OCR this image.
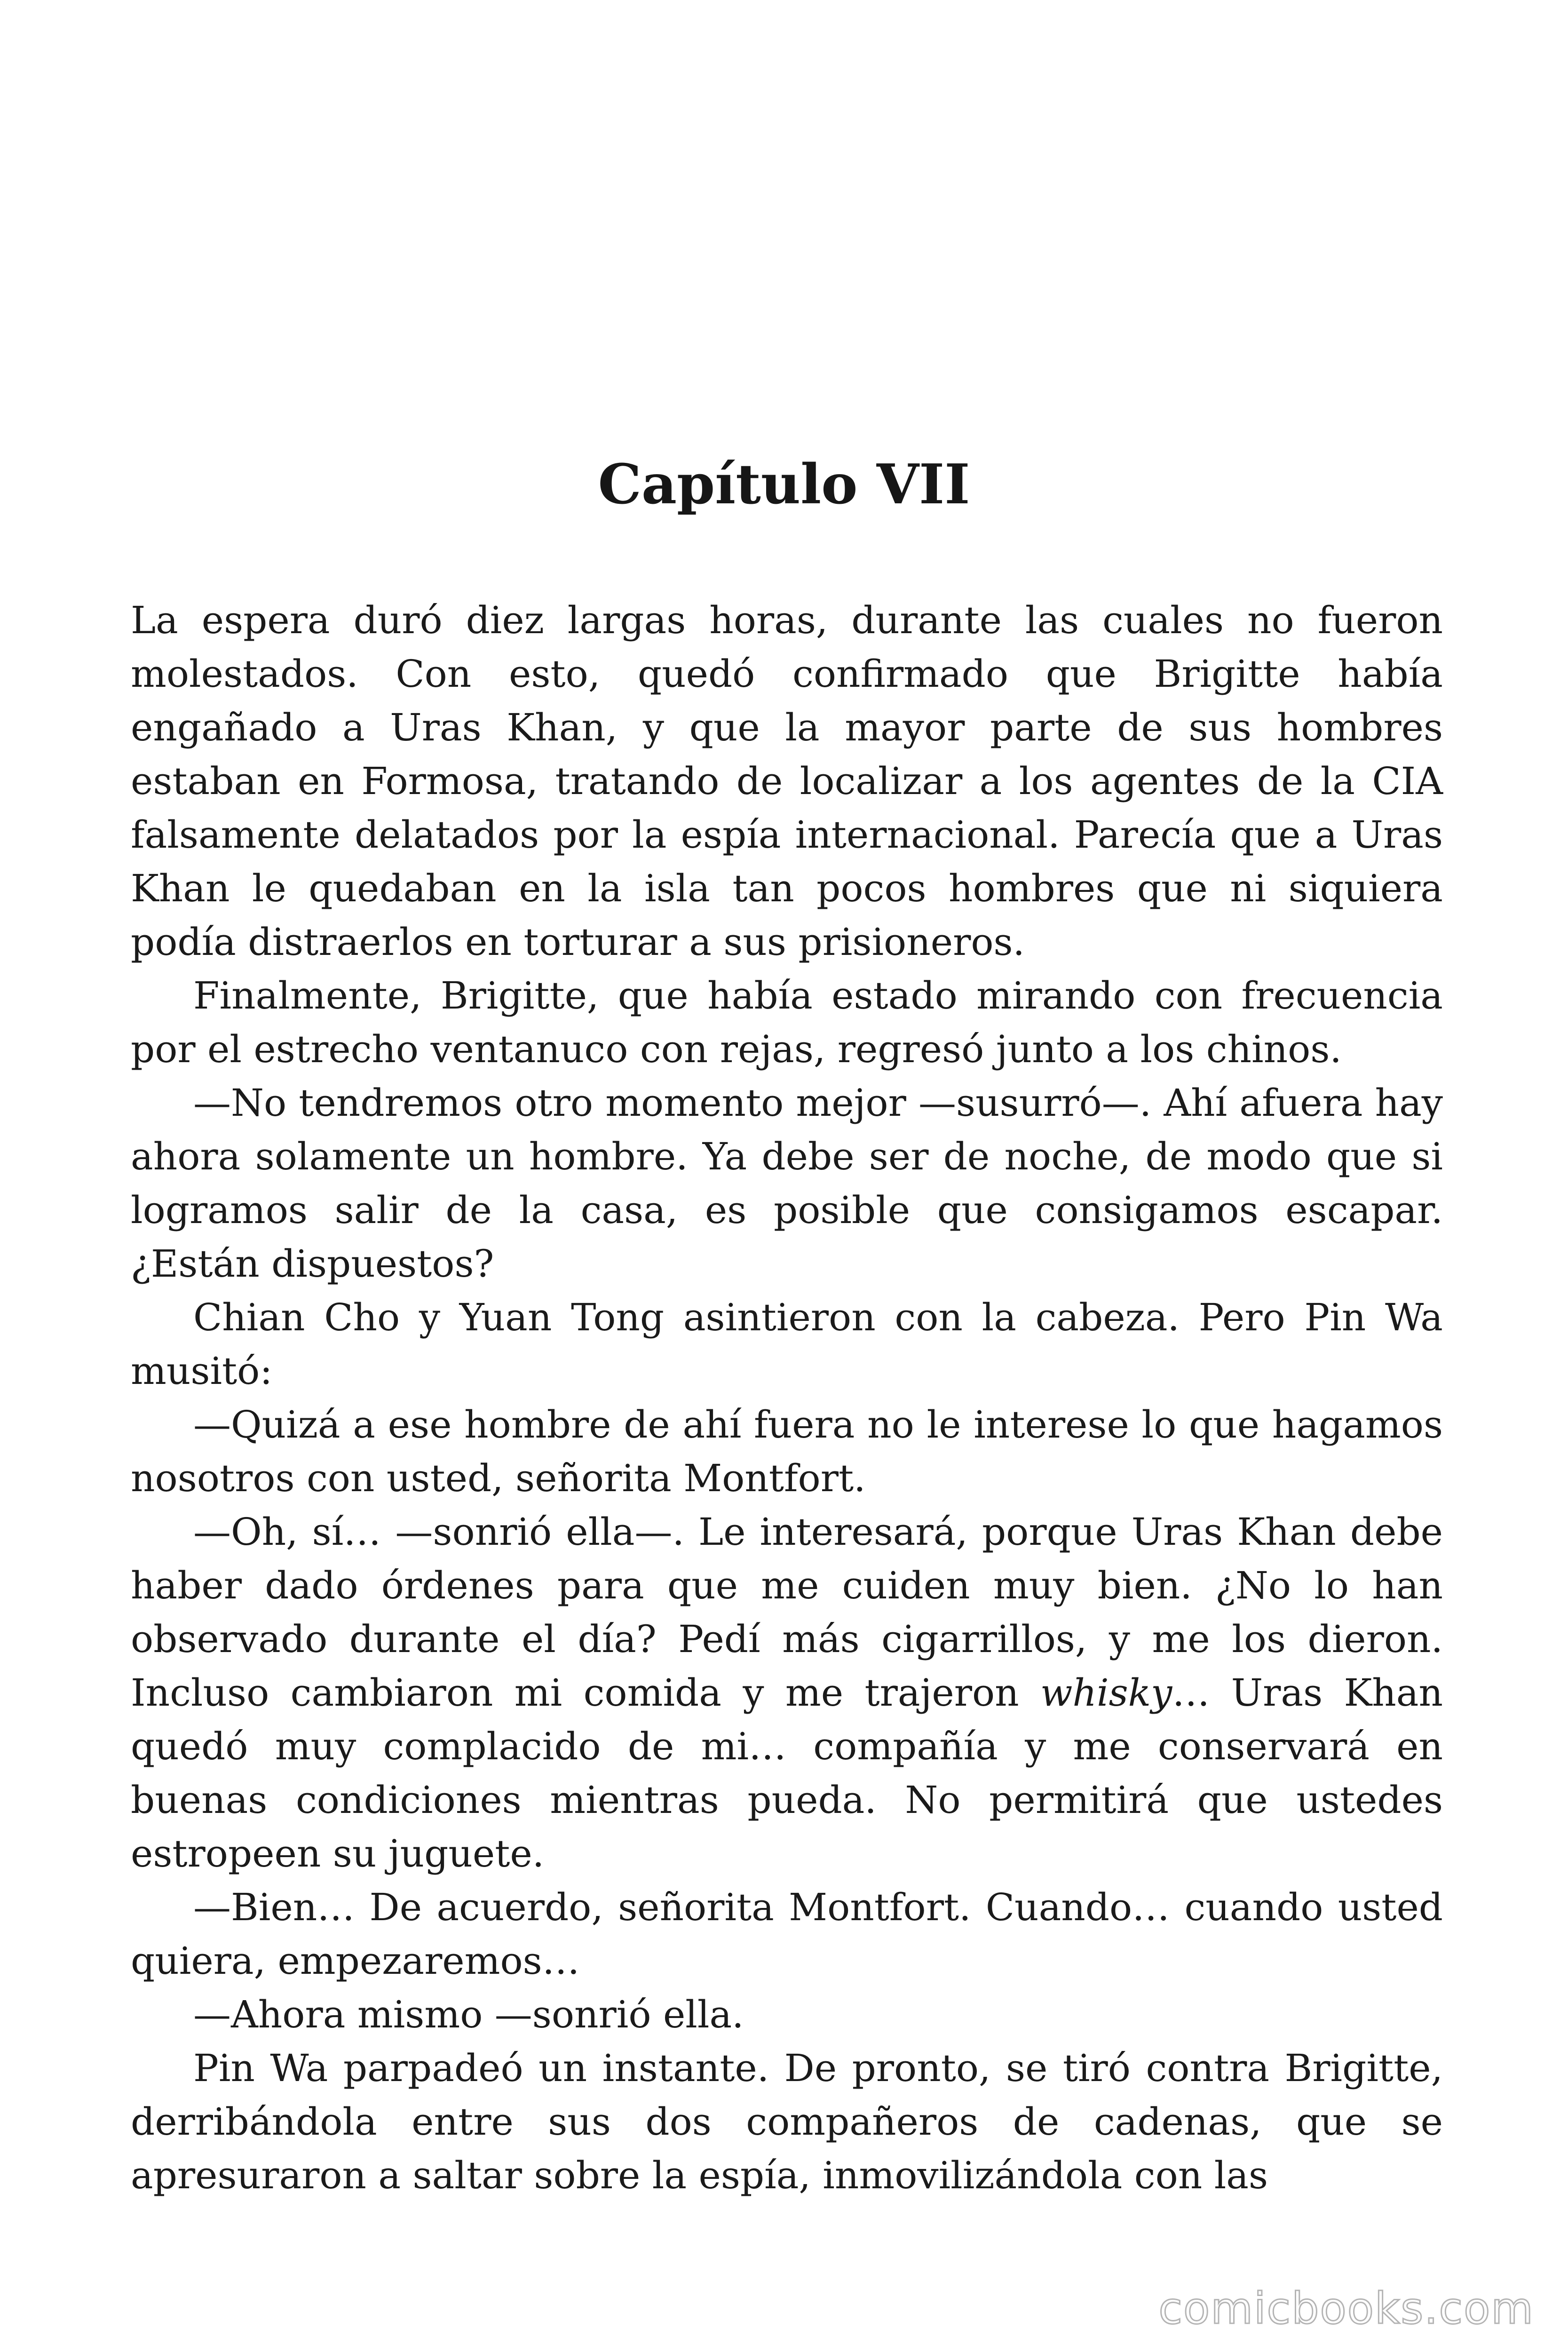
Capítulo VII

La espera duró diez largas horas, durante las cuales no fueron molestados. Con esto, quedó confirmado que Brigitte había engañado a Uras Khan, y que la mayor parte de sus hombres estaban en Formosa, tratando de localizar a los agentes de la CIA falsamente delatados por la espía internacional. Parecía que a Uras Khan le quedaban en la isla tan pocos hombres que ni siquiera podía distraerlos en torturar a sus prisioneros.

Finalmente, Brigitte, que había estado mirando con frecuencia por el estrecho ventanuco con rejas, regresó junto a los chinos.

—No tendremos otro momento mejor —susurró—. Ahí afuera hay ahora solamente un hombre. Ya debe ser de noche, de modo que si logramos salir de la casa, es posible que consigamos escapar. ¿Están dispuestos?

Chian Cho y Yuan Tong asintieron con la cabeza. Pero Pin Wa musitó:

—Quizá a ese hombre de ahí fuera no le interese lo que hagamos nosotros con usted, señorita Montfort.

—Oh, sí… —sonrió ella—. Le interesará, porque Uras Khan debe haber dado órdenes para que me cuiden muy bien. ¿No lo han observado durante el día? Pedí más cigarrillos, y me los dieron. Incluso cambiaron mi comida y me trajeron whisky… Uras Khan quedó muy complacido de mi… compañía y me conservará en buenas condiciones mientras pueda. No permitirá que ustedes estropeen su juguete.

—Bien… De acuerdo, señorita Montfort. Cuando… cuando usted quiera, empezaremos…

—Ahora mismo —sonrió ella.

Pin Wa parpadeó un instante. De pronto, se tiró contra Brigitte, derribándola entre sus dos compañeros de cadenas, que se apresuraron a saltar sobre la espía, inmovilizándola con las

comicbooks.com
